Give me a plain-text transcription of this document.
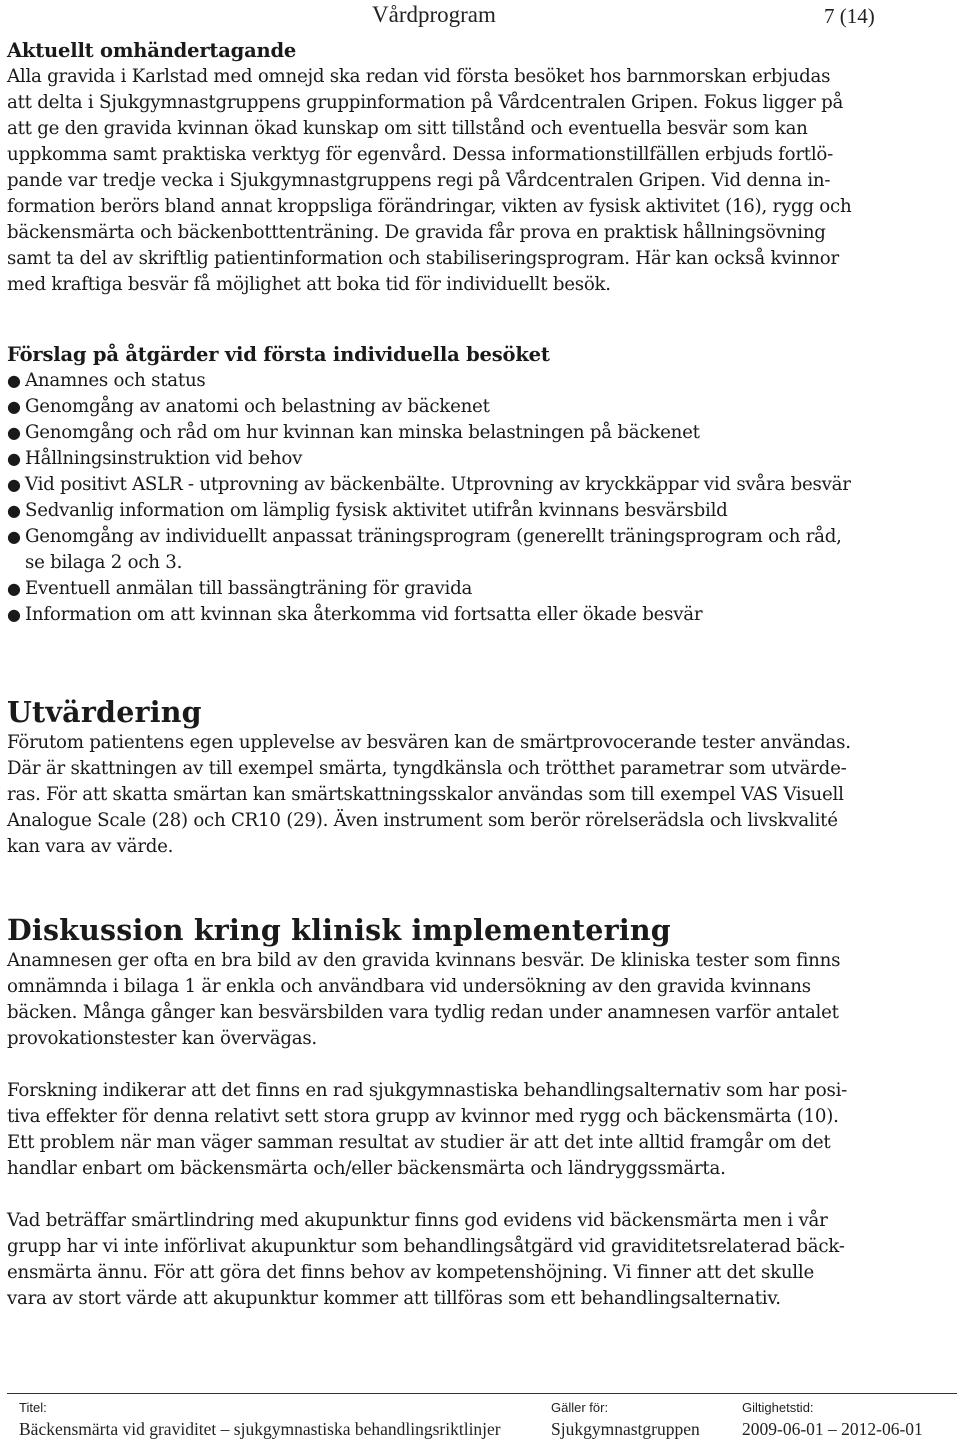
Vårdprogram	7 (14)
Aktuellt omhändertagande

Alla gravida i Karlstad med omnejd ska redan vid första besöket hos barnmorskan erbjudas
att delta i Sjukgymnastgruppens gruppinformation på Vårdcentralen Gripen. Fokus ligger på
att ge den gravida kvinnan ökad kunskap om sitt tillstånd och eventuella besvär som kan
uppkomma samt praktiska verktyg för egenvård. Dessa informationstillfällen erbjuds fortlö-
pande var tredje vecka i Sjukgymnastgruppens regi på Vårdcentralen Gripen. Vid denna in-
formation berörs bland annat kroppsliga förändringar, vikten av fysisk aktivitet (16), rygg och
bäckensmärta och bäckenbotttenträning. De gravida får prova en praktisk hållningsövning
samt ta del av skriftlig patientinformation och stabiliseringsprogram. Här kan också kvinnor
med kraftiga besvär få möjlighet att boka tid för individuellt besök.

Förslag på åtgärder vid första individuella besöket
● Anamnes och status
● Genomgång av anatomi och belastning av bäckenet
● Genomgång och råd om hur kvinnan kan minska belastningen på bäckenet
● Hållningsinstruktion vid behov
● Vid positivt ASLR - utprovning av bäckenbälte. Utprovning av kryckkäppar vid svåra besvär
● Sedvanlig information om lämplig fysisk aktivitet utifrån kvinnans besvärsbild
● Genomgång av individuellt anpassat träningsprogram (generellt träningsprogram och råd,
se bilaga 2 och 3.
● Eventuell anmälan till bassängträning för gravida
● Information om att kvinnan ska återkomma vid fortsatta eller ökade besvär
Utvärdering

Förutom patientens egen upplevelse av besvären kan de smärtprovocerande tester användas.
Där är skattningen av till exempel smärta, tyngdkänsla och trötthet parametrar som utvärde-
ras. För att skatta smärtan kan smärtskattningsskalor användas som till exempel VAS Visuell
Analogue Scale (28) och CR10 (29). Även instrument som berör rörelserädsla och livskvalité
kan vara av värde.

Diskussion kring klinisk implementering

Anamnesen ger ofta en bra bild av den gravida kvinnans besvär. De kliniska tester som finns
omnämnda i bilaga 1 är enkla och användbara vid undersökning av den gravida kvinnans
bäcken. Många gånger kan besvärsbilden vara tydlig redan under anamnesen varför antalet
provokationstester kan övervägas.

Forskning indikerar att det finns en rad sjukgymnastiska behandlingsalternativ som har posi-
tiva effekter för denna relativt sett stora grupp av kvinnor med rygg och bäckensmärta (10).
Ett problem när man väger samman resultat av studier är att det inte alltid framgår om det
handlar enbart om bäckensmärta och/eller bäckensmärta och ländryggssmärta.

Vad beträffar smärtlindring med akupunktur finns god evidens vid bäckensmärta men i vår
grupp har vi inte införlivat akupunktur som behandlingsåtgärd vid graviditetsrelaterad bäck-
ensmärta ännu. För att göra det finns behov av kompetenshöjning. Vi finner att det skulle
vara av stort värde att akupunktur kommer att tillföras som ett behandlingsalternativ.

Titel:
Bäckensmärta vid graviditet – sjukgymnastiska behandlingsriktlinjer
Gäller för:
Sjukgymnastgruppen
Giltighetstid:
2009-06-01 – 2012-06-01
